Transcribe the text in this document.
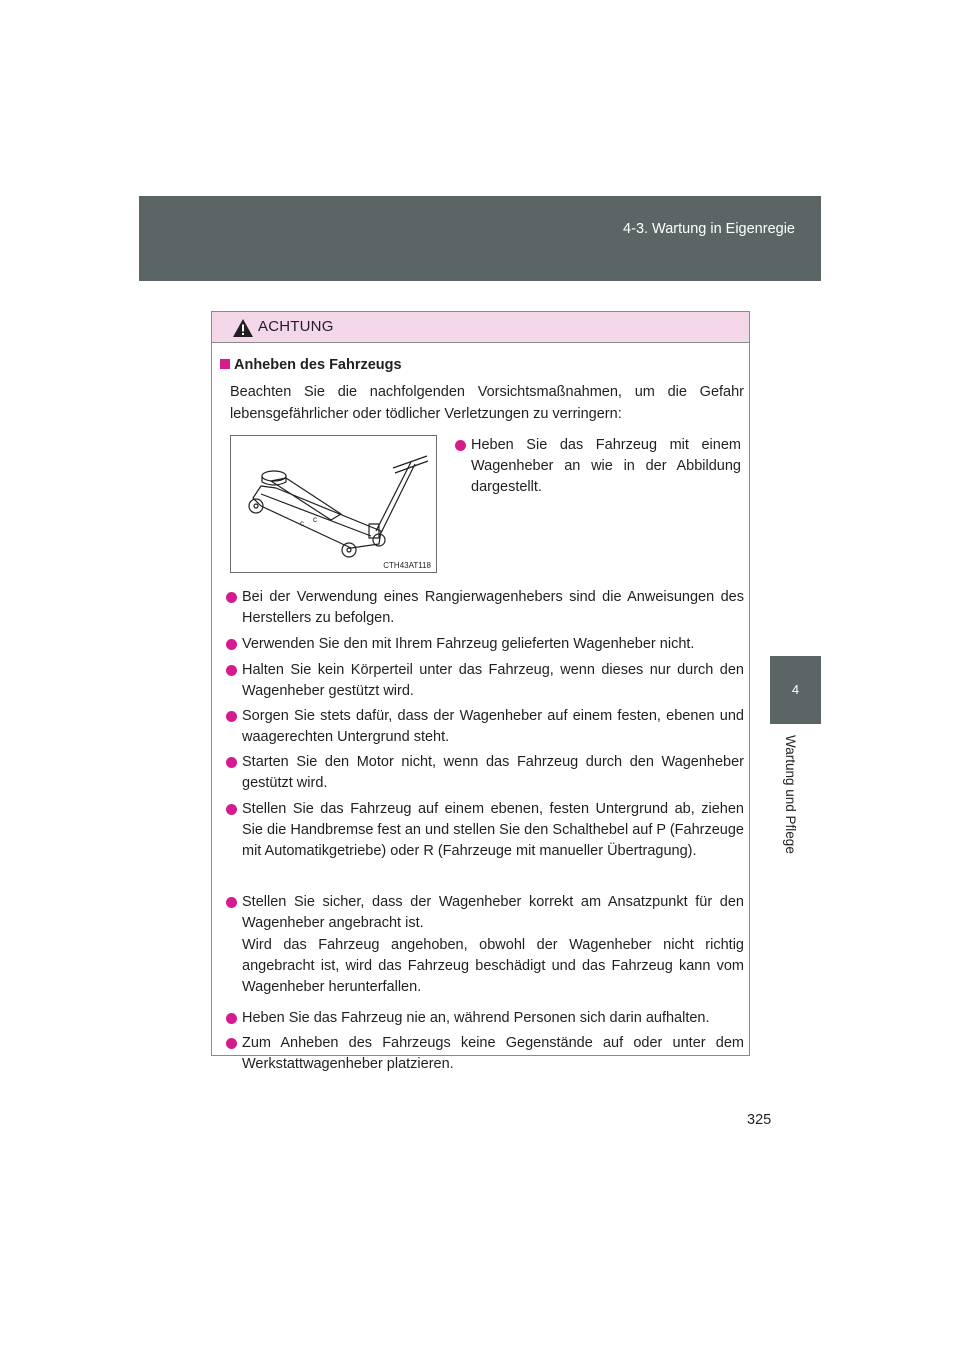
4-3. Wartung in Eigenregie
4
Wartung und Pflege
ACHTUNG
Anheben des Fahrzeugs
Beachten Sie die nachfolgenden Vorsichtsmaßnahmen, um die Gefahr lebensgefährlicher oder tödlicher Verletzungen zu verringern:
c
c
CTH43AT118
Heben Sie das Fahrzeug mit einem Wagenheber an wie in der Abbildung dargestellt.
Bei der Verwendung eines Rangierwagenhebers sind die Anweisungen des Herstellers zu befolgen.
Verwenden Sie den mit Ihrem Fahrzeug gelieferten Wagenheber nicht.
Halten Sie kein Körperteil unter das Fahrzeug, wenn dieses nur durch den Wagenheber gestützt wird.
Sorgen Sie stets dafür, dass der Wagenheber auf einem festen, ebenen und waagerechten Untergrund steht.
Starten Sie den Motor nicht, wenn das Fahrzeug durch den Wagenheber gestützt wird.
Stellen Sie das Fahrzeug auf einem ebenen, festen Untergrund ab, ziehen Sie die Handbremse fest an und stellen Sie den Schalthebel auf P (Fahrzeuge mit Automatikgetriebe) oder R (Fahrzeuge mit manueller Übertragung).
Stellen Sie sicher, dass der Wagenheber korrekt am Ansatzpunkt für den Wagenheber angebracht ist.
Wird das Fahrzeug angehoben, obwohl der Wagenheber nicht richtig angebracht ist, wird das Fahrzeug beschädigt und das Fahrzeug kann vom Wagenheber herunterfallen.
Heben Sie das Fahrzeug nie an, während Personen sich darin aufhalten.
Zum Anheben des Fahrzeugs keine Gegenstände auf oder unter dem Werkstattwagenheber platzieren.
325
